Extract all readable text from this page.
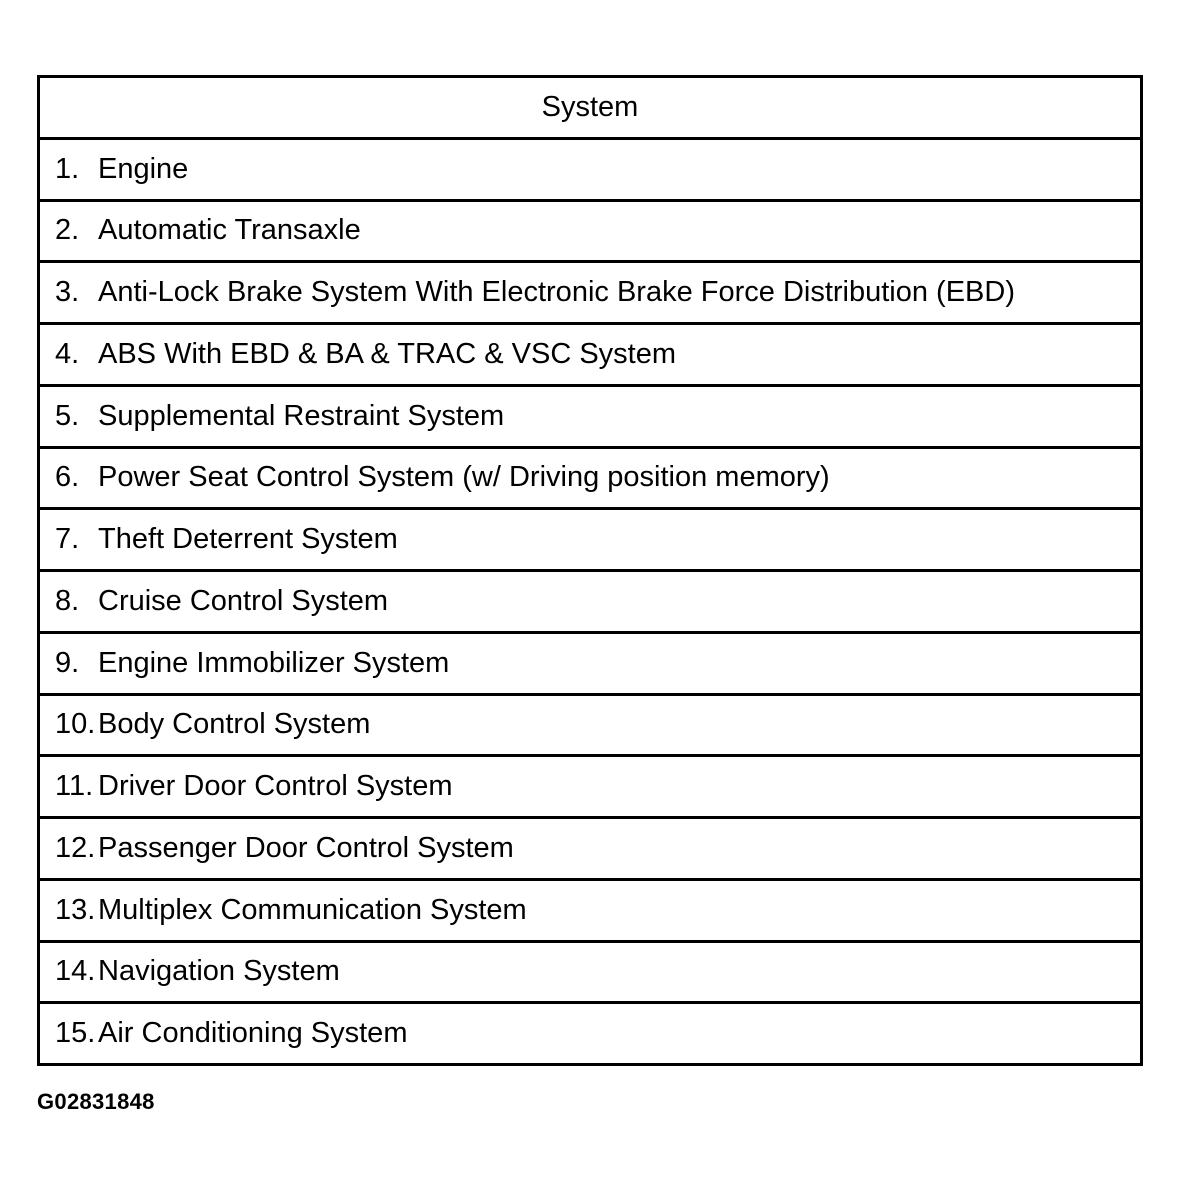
System
1. Engine
2. Automatic Transaxle
3. Anti-Lock Brake System With Electronic Brake Force Distribution (EBD)
4. ABS With EBD & BA & TRAC & VSC System
5. Supplemental Restraint System
6. Power Seat Control System (w/ Driving position memory)
7. Theft Deterrent System
8. Cruise Control System
9. Engine Immobilizer System
10. Body Control System
11. Driver Door Control System
12. Passenger Door Control System
13. Multiplex Communication System
14. Navigation System
15. Air Conditioning System
G02831848
